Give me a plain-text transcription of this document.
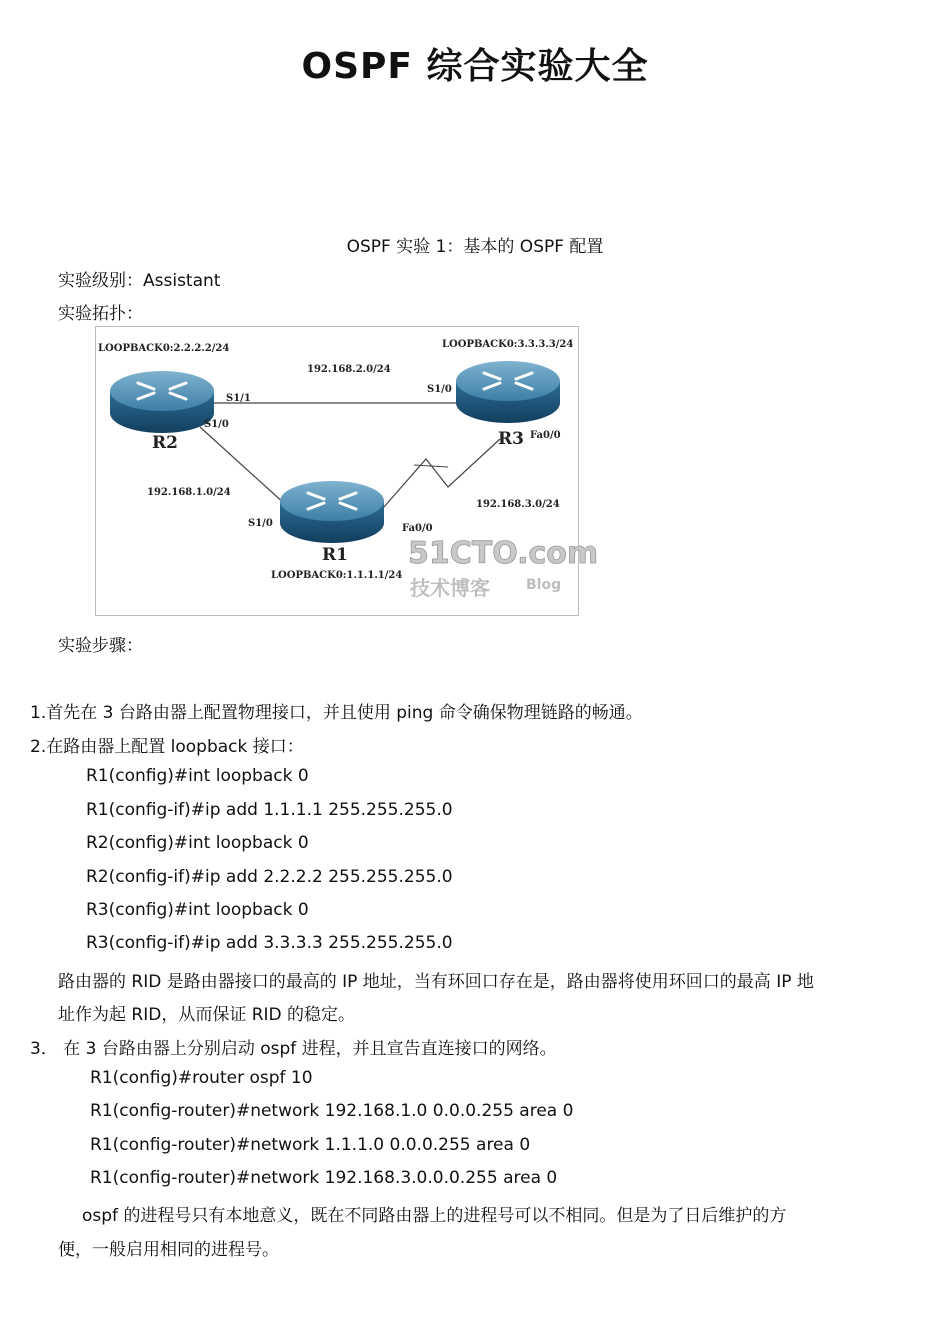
OSPF 综合实验大全
OSPF 实验 1：基本的 OSPF 配置
实验级别：Assistant
实验拓扑：
LOOPBACK0:2.2.2.2/24	LOOPBACK0:3.3.3.3/24
LOOPBACK0:1.1.1.1/24
192.168.2.0/24
192.168.1.0/24
192.168.3.0/24
S1/1
S1/0
S1/0
Fa0/0
S1/0	Fa0/0
R1
R2	R3
51CTO.com
技术博客	Blog
实验步骤：
1.首先在 3 台路由器上配置物理接口，并且使用 ping 命令确保物理链路的畅通。
2.在路由器上配置 loopback 接口：
R1(config)#int loopback 0
R1(config-if)#ip add 1.1.1.1 255.255.255.0
R2(config)#int loopback 0
R2(config-if)#ip add 2.2.2.2 255.255.255.0
R3(config)#int loopback 0
R3(config-if)#ip add 3.3.3.3 255.255.255.0
路由器的 RID 是路由器接口的最高的 IP 地址，当有环回口存在是，路由器将使用环回口的最高 IP 地
址作为起 RID，从而保证 RID 的稳定。
3． 在 3 台路由器上分别启动 ospf 进程，并且宣告直连接口的网络。
R1(config)#router ospf 10
R1(config-router)#network 192.168.1.0 0.0.0.255 area 0
R1(config-router)#network 1.1.1.0 0.0.0.255 area 0
R1(config-router)#network 192.168.3.0.0.0.255 area 0
ospf 的进程号只有本地意义，既在不同路由器上的进程号可以不相同。但是为了日后维护的方
便，一般启用相同的进程号。
